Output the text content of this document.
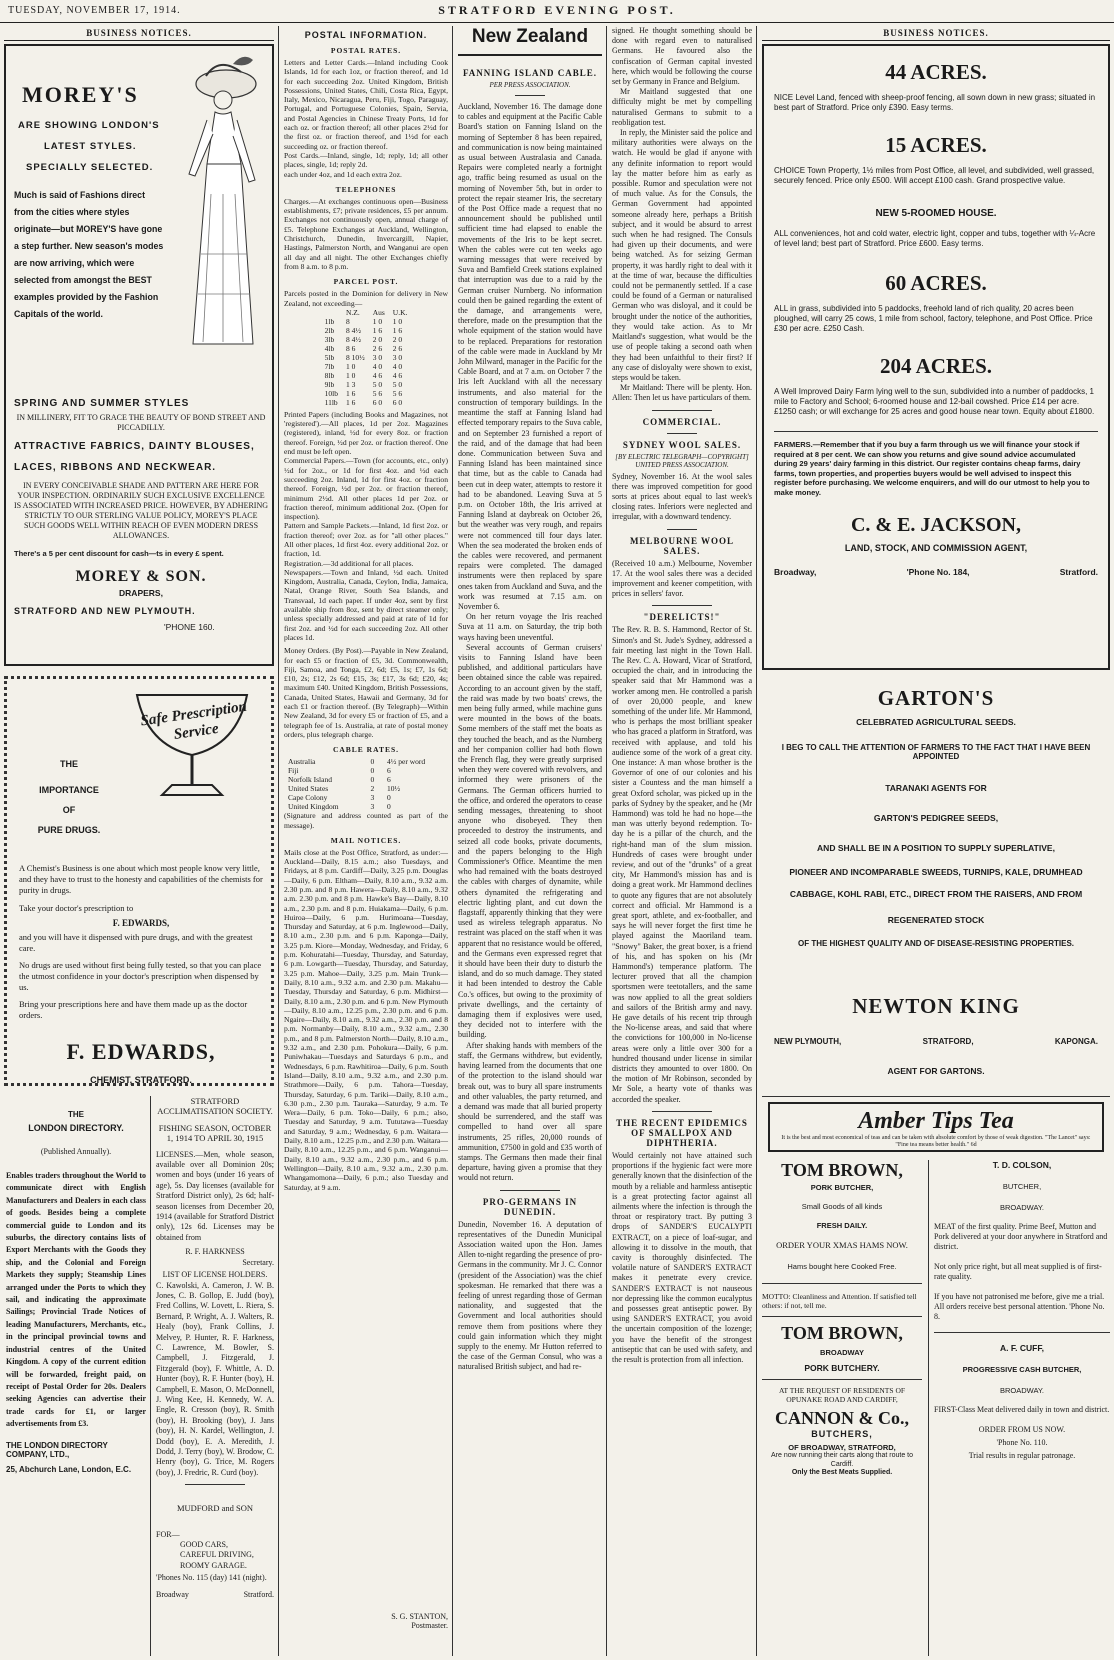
TUESDAY, NOVEMBER 17, 1914.	STRATFORD EVENING POST.
BUSINESS NOTICES.
MOREY'S
ARE SHOWING LONDON'S
LATEST STYLES.
SPECIALLY SELECTED.

Much is said of Fashions direct from the cities where styles originate—but MOREY'S have gone a step further. New season's modes are now arriving, which were selected from amongst the BEST examples provided by the Fashion Capitals of the world.

SPRING AND SUMMER STYLES

IN MILLINERY, FIT TO GRACE THE BEAUTY OF BOND STREET AND PICCADILLY.

ATTRACTIVE FABRICS, DAINTY BLOUSES,
LACES, RIBBONS AND NECKWEAR.

IN EVERY CONCEIVABLE SHADE AND PATTERN ARE HERE FOR YOUR INSPECTION. ORDINARILY SUCH EXCLUSIVE EXCELLENCE IS ASSOCIATED WITH INCREASED PRICE. HOWEVER, BY ADHERING STRICTLY TO OUR STERLING VALUE POLICY, MOREY'S PLACE SUCH GOODS WELL WITHIN REACH OF EVEN MODERN DRESS ALLOWANCES.

There's a 5 per cent discount for cash—ts in every £ spent.

MOREY & SON.
DRAPERS,
STRATFORD AND NEW PLYMOUTH.
'PHONE 160.
Safe Prescription Service
THE
IMPORTANCE
OF
PURE DRUGS.

A Chemist's Business is one about which most people know very little, and they have to trust to the honesty and capabilities of the chemists for purity in drugs.

Take your doctor's prescription to

F. EDWARDS,

and you will have it dispensed with pure drugs, and with the greatest care.

No drugs are used without first being fully tested, so that you can place the utmost confidence in your doctor's prescription when dispensed by us.

Bring your prescriptions here and have them made up as the doctor orders.

F. EDWARDS,
CHEMIST, STRATFORD.
THE
LONDON DIRECTORY.
(Published Annually).

Enables traders throughout the World to communicate direct with English Manufacturers and Dealers in each class of goods. Besides being a complete commercial guide to London and its suburbs, the directory contains lists of Export Merchants with the Goods they ship, and the Colonial and Foreign Markets they supply; Steamship Lines arranged under the Ports to which they sail, and indicating the approximate Sailings; Provincial Trade Notices of leading Manufacturers, Merchants, etc., in the principal provincial towns and industrial centres of the United Kingdom. A copy of the current edition will be forwarded, freight paid, on receipt of Postal Order for 20s. Dealers seeking Agencies can advertise their trade cards for £1, or larger advertisements from £3.

THE LONDON DIRECTORY COMPANY, LTD.,
25, Abchurch Lane, London, E.C.
STRATFORD ACCLIMATISATION SOCIETY.
FISHING SEASON, OCTOBER 1, 1914 TO APRIL 30, 1915

LICENSES.—Men, whole season, available over all Dominion 20s; women and boys (under 16 years of age), 5s. Day licenses (available for Stratford District only), 2s 6d; half-season licenses from December 20, 1914 (available for Stratford District only), 12s 6d. Licenses may be obtained from

R. F. HARKNESS
Secretary.
LIST OF LICENSE HOLDERS.

C. Kawolski, A. Cameron, J. W. B. Jones, C. B. Gollop, E. Judd (boy), Fred Collins, W. Lovett, L. Riera, S. Bernard, P. Wright, A. J. Walters, R. Healy (boy), Frank Collins, J. Melvey, P. Hunter, R. F. Harkness, C. Lawrence, M. Bowler, S. Campbell, J. Fitzgerald, J. Fitzgerald (boy), F. Whittle, A. D. Hunter (boy), R. F. Hunter (boy), H. Campbell, E. Mason, O. McDonnell, J. Wing Kee, H. Kennedy, W. A. Engle, R. Cresson (boy), R. Smith (boy), H. Brooking (boy), J. Jans (boy), H. N. Kardel, Wellington, J. Dodd (boy), E. A. Meredith, J. Dodd, J. Terry (boy), W. Brodow, C. Henry (boy), G. Trice, M. Rogers (boy), J. Fredric, R. Curd (boy).

MUDFORD and SON
FOR—
GOOD CARS,
CAREFUL DRIVING,
ROOMY GARAGE.
'Phones No. 115 (day) 141 (night).
Broadway	Stratford.
POSTAL INFORMATION.
POSTAL RATES.

Letters and Letter Cards.—Inland including Cook Islands, 1d for each 1oz, or fraction thereof, and 1d for each succeeding 2oz. United Kingdom, British Possessions, United States, Chili, Costa Rica, Egypt, Italy, Mexico, Nicaragua, Peru, Fiji, Togo, Paraguay, Portugal, and Portuguese Colonies, Spain, Servia, and Postal Agencies in Chinese Treaty Ports, 1d for each oz. or fraction thereof; all other places 2½d for the first oz. or fraction thereof, and 1½d for each succeeding oz. or fraction thereof.

Post Cards.—Inland, single, 1d; reply, 1d; all other places, single, 1d; reply 2d.

each under 4oz, and 1d each extra 2oz.

TELEPHONES

Charges.—At exchanges continuous open—Business establishments, £7; private residences, £5 per annum. Exchanges not continuously open, annual charge of £5. Telephone Exchanges at Auckland, Wellington, Christchurch, Dunedin, Invercargill, Napier, Hastings, Palmerston North, and Wanganui are open all day and all night. The other Exchanges chiefly from 8 a.m. to 8 p.m.

PARCEL POST.

Parcels posted in the Dominion for delivery in New Zealand, not exceeding—

	N.Z.	Aus	U.K.
1lb	8	1 0	1 0
2lb	8 4½	1 6	1 6
3lb	8 4½	2 0	2 0
4lb	8 6	2 6	2 6
5lb	8 10½	3 0	3 0
7lb	1 0	4 0	4 0
8lb	1 0	4 6	4 6
9lb	1 3	5 0	5 0
10lb	1 6	5 6	5 6
11lb	1 6	6 0	6 0

Printed Papers (including Books and Magazines, not 'registered').—All places, 1d per 2oz. Magazines (registered), inland, ½d for every 8oz. or fraction thereof. Foreign, ½d per 2oz. or fraction thereof. One end must be left open.

Commercial Papers.—Town (for accounts, etc., only) ½d for 2oz., or 1d for first 4oz. and ½d each succeeding 2oz. Inland, 1d for first 4oz. or fraction thereof. Foreign, ½d per 2oz. or fraction thereof, minimum 2½d. All other places 1d per 2oz. or fraction thereof, minimum additional 2oz. (Open for inspection).

Pattern and Sample Packets.—Inland, 1d first 2oz. or fraction thereof; over 2oz. as for "all other places." All other places, 1d first 4oz. every additional 2oz. or fraction, 1d.

Registration.—3d additional for all places.

Newspapers.—Town and Inland, ½d each. United Kingdom, Australia, Canada, Ceylon, India, Jamaica, Natal, Orange River, South Sea Islands, and Transvaal, 1d each paper. If under 4oz, sent by first available ship from 8oz, sent by direct steamer only; unless specially addressed and paid at rate of 1d for first 2oz. and ½d for each succeeding 2oz. All other places 1d.

Money Orders. (By Post).—Payable in New Zealand, for each £5 or fraction of £5, 3d. Commonwealth, Fiji, Samoa, and Tonga, £2, 6d; £5, 1s; £7, 1s 6d; £10, 2s; £12, 2s 6d; £15, 3s; £17, 3s 6d; £20, 4s; maximum £40. United Kingdom, British Possessions, Canada, United States, Hawaii and Germany, 3d for each £1 or fraction thereof. (By Telegraph)—Within New Zealand, 3d for every £5 or fraction of £5, and a telegraph fee of 1s. Australia, at rate of postal money orders, plus telegraph charge.

CABLE RATES.
Australia	0	4½ per word
Fiji	0	6
Norfolk Island	0	6
United States	2	10½
Cape Colony	3	0
United Kingdom	3	0

(Signature and address counted as part of the message).

MAIL NOTICES.

Mails close at the Post Office, Stratford, as under:— Auckland—Daily, 8.15 a.m.; also Tuesdays, and Fridays, at 8 p.m. Cardiff—Daily, 3.25 p.m. Douglas—Daily, 6 p.m. Eltham—Daily, 8.10 a.m., 9.32 a.m. 2.30 p.m. and 8 p.m. Hawera—Daily, 8.10 a.m., 9.32 a.m. 2.30 p.m. and 8 p.m. Hawke's Bay—Daily, 8.10 a.m., 2.30 p.m. and 8 p.m. Huiakama—Daily, 6 p.m. Huiroa—Daily, 6 p.m. Hurimoana—Tuesday, Thursday and Saturday, at 6 p.m. Inglewood—Daily, 8.10 a.m., 2.30 p.m. and 6 p.m. Kaponga—Daily, 3.25 p.m. Kiore—Monday, Wednesday, and Friday, 6 p.m. Kohuratahi—Tuesday, Thursday, and Saturday, 6 p.m. Lowgarth—Tuesday, Thursday, and Saturday, 3.25 p.m. Mahoe—Daily, 3.25 p.m. Main Trunk—Daily, 8.10 a.m., 9.32 a.m. and 2.30 p.m. Makahu—Tuesday, Thursday and Saturday, 6 p.m. Midhirst—Daily, 8.10 a.m., 2.30 p.m. and 6 p.m. New Plymouth—Daily, 8.10 a.m., 12.25 p.m., 2.30 p.m. and 6 p.m. Ngaire—Daily, 8.10 a.m., 9.32 a.m., 2.30 p.m. and 8 p.m. Normanby—Daily, 8.10 a.m., 9.32 a.m., 2.30 p.m., and 8 p.m. Palmerston North—Daily, 8.10 a.m., 9.32 a.m., and 2.30 p.m. Pohokura—Daily, 6 p.m. Puniwhakau—Tuesdays and Saturdays 6 p.m., and Wednesdays, 6 p.m. Rawhitiroa—Daily, 6 p.m. South Island—Daily, 8.10 a.m., 9.32 a.m., and 2.30 p.m. Strathmore—Daily, 6 p.m. Tahora—Tuesday, Thursday, Saturday, 6 p.m. Tariki—Daily, 8.10 a.m., 6.30 p.m., 2.30 p.m. Tauraka—Saturday, 9 a.m. Te Wera—Daily, 6 p.m. Toko—Daily, 6 p.m.; also, Tuesday and Saturday, 9 a.m. Tututawa—Tuesday and Saturday, 9 a.m.; Wednesday, 6 p.m. Waitara—Daily, 8.10 a.m., 12.25 p.m., and 2.30 p.m. Waitara—Daily, 8.10 a.m., 12.25 p.m., and 6 p.m. Wanganui—Daily, 8.10 a.m., 9.32 a.m., 2.30 p.m., and 6 p.m. Wellington—Daily, 8.10 a.m., 9.32 a.m., 2.30 p.m. Whangamomona—Daily, 6 p.m.; also Tuesday and Saturday, at 9 a.m.

S. G. STANTON,
Postmaster.
New Zealand
FANNING ISLAND CABLE.
PER PRESS ASSOCIATION.

Auckland, November 16. The damage done to cables and equipment at the Pacific Cable Board's station on Fanning Island on the morning of September 8 has been repaired, and communication is now being maintained as usual between Australasia and Canada. Repairs were completed nearly a fortnight ago, traffic being resumed as usual on the morning of November 5th, but in order to protect the repair steamer Iris, the secretary of the Post Office made a request that no announcement should be published until sufficient time had elapsed to enable the movements of the Iris to be kept secret. When the cables were cut ten weeks ago warning messages that were received by Suva and Bamfield Creek stations explained that interruption was due to a raid by the German cruiser Nurnberg. No information could then be gained regarding the extent of the damage, and arrangements were, therefore, made on the presumption that the whole equipment of the station would have to be replaced. Preparations for restoration of the cable were made in Auckland by Mr John Milward, manager in the Pacific for the Cable Board, and at 7 a.m. on October 7 the Iris left Auckland with all the necessary instruments, and also material for the construction of temporary buildings. In the meantime the staff at Fanning Island had effected temporary repairs to the Suva cable, and on September 23 furnished a report of the raid, and of the damage that had been done. Communication between Suva and Fanning Island has been maintained since that time, but as the cable to Canada had been cut in deep water, attempts to restore it had to be abandoned. Leaving Suva at 5 p.m. on October 18th, the Iris arrived at Fanning Island at daybreak on October 26, but the weather was very rough, and repairs were not commenced till four days later. When the sea moderated the broken ends of the cables were recovered, and permanent repairs were completed. The damaged instruments were then replaced by spare ones taken from Auckland and Suva, and the work was resumed at 7.15 a.m. on November 6.

On her return voyage the Iris reached Suva at 11 a.m. on Saturday, the trip both ways having been uneventful.

Several accounts of German cruisers' visits to Fanning Island have been published, and additional particulars have been obtained since the cable was repaired. According to an account given by the staff, the raid was made by two boats' crews, the men being fully armed, while machine guns were mounted in the bows of the boats. Some members of the staff met the boats as they touched the beach, and as the Nurnberg and her companion collier had both flown the French flag, they were greatly surprised when they were covered with revolvers, and informed they were prisoners of the Germans. The German officers hurried to the office, and ordered the operators to cease sending messages, threatening to shoot anyone who disobeyed. They then proceeded to destroy the instruments, and seized all code books, private documents, and the papers belonging to the High Commissioner's Office. Meantime the men who had remained with the boats destroyed the cables with charges of dynamite, while others dynamited the refrigerating and electric lighting plant, and cut down the flagstaff, apparently thinking that they were used as wireless telegraph apparatus. No restraint was placed on the staff when it was apparent that no resistance would be offered, and the Germans even expressed regret that it should have been their duty to disturb the island, and do so much damage. They stated it had been intended to destroy the Cable Co.'s offices, but owing to the proximity of private dwellings, and the certainty of damaging them if explosives were used, they decided not to interfere with the building.

After shaking hands with members of the staff, the Germans withdrew, but evidently, having learned from the documents that one of the protection to the island should war break out, was to bury all spare instruments and other valuables, the party returned, and a demand was made that all buried property should be surrendered, and the staff was compelled to hand over all spare instruments, 25 rifles, 20,000 rounds of ammunition, £7500 in gold and £35 worth of stamps. The Germans then made their final departure, having given a promise that they would not return.

PRO-GERMANS IN DUNEDIN.

Dunedin, November 16. A deputation of representatives of the Dunedin Municipal Association waited upon the Hon. James Allen to-night regarding the presence of pro-Germans in the community. Mr J. C. Connor (president of the Association) was the chief spokesman. He remarked that there was a feeling of unrest regarding those of German nationality, and suggested that the Government and local authorities should remove them from positions where they could gain information which they might supply to the enemy. Mr Hutton referred to the case of the German Consul, who was a naturalised British subject, and had re-

signed. He thought something should be done with regard even to naturalised Germans. He favoured also the confiscation of German capital invested here, which would be following the course set by Germany in France and Belgium.

Mr Maitland suggested that one difficulty might be met by compelling naturalised Germans to submit to a reobligation test.

In reply, the Minister said the police and military authorities were always on the watch. He would be glad if anyone with any definite information to report would lay the matter before him as early as possible. Rumor and speculation were not of much value. As for the Consuls, the German Government had appointed someone already here, perhaps a British subject, and it would be absurd to arrest such when he had resigned. The Consuls had given up their documents, and were being watched. As for seizing German property, it was hardly right to deal with it at the time of war, because the difficulties could not be permanently settled. If a case could be found of a German or naturalised German who was disloyal, and it could be brought under the notice of the authorities, they would take action. As to Mr Maitland's suggestion, what would be the use of people taking a second oath when they had been unfaithful to their first? If any case of disloyalty were shown to exist, steps would be taken.

Mr Maitland: There will be plenty. Hon. Allen: Then let us have particulars of them.

COMMERCIAL.
SYDNEY WOOL SALES.
[BY ELECTRIC TELEGRAPH—COPYRIGHT] UNITED PRESS ASSOCIATION.

Sydney, November 16. At the wool sales there was improved competition for good sorts at prices about equal to last week's closing rates. Inferiors were neglected and irregular, with a downward tendency.

MELBOURNE WOOL SALES.

(Received 10 a.m.) Melbourne, November 17. At the wool sales there was a decided improvement and keener competition, with prices in sellers' favor.

"DERELICTS!"

The Rev. R. B. S. Hammond, Rector of St. Simon's and St. Jude's Sydney, addressed a fair meeting last night in the Town Hall. The Rev. C. A. Howard, Vicar of Stratford, occupied the chair, and in introducing the speaker said that Mr Hammond was a worker among men. He controlled a parish of over 20,000 people, and knew something of the under life. Mr Hammond, who is perhaps the most brilliant speaker who has graced a platform in Stratford, was received with applause, and told his audience some of the work of a great city. One instance: A man whose brother is the Governor of one of our colonies and his sister a Countess and the man himself a great Oxford scholar, was picked up in the parks of Sydney by the speaker, and he (Mr Hammond) was told he had no hope—the man was utterly beyond redemption. To-day he is a pillar of the church, and the right-hand man of the slum mission. Hundreds of cases were brought under review, and out of the "drunks" of a great city, Mr Hammond's mission has and is doing a great work. Mr Hammond declines to quote any figures that are not absolutely correct and official. Mr Hammond is a great sport, athlete, and ex-footballer, and says he will never forget the first time he played against the Maoriland team. "Snowy" Baker, the great boxer, is a friend of his, and has spoken on his (Mr Hammond's) temperance platform. The lecturer proved that all the champion sportsmen were teetotallers, and the same was now applied to all the great soldiers and sailors of the British army and navy. He gave details of his recent trip through the No-license areas, and said that where the convictions for 100,000 in No-license areas were only a little over 300 for a hundred thousand under license in similar districts they amounted to over 1800. On the motion of Mr Robinson, seconded by Mr Sole, a hearty vote of thanks was accorded the speaker.

THE RECENT EPIDEMICS OF SMALLPOX AND DIPHTHERIA.

Would certainly not have attained such proportions if the hygienic fact were more generally known that the disinfection of the mouth by a reliable and harmless antiseptic is a great protecting factor against all ailments where the infection is through the throat or respiratory tract. By putting 3 drops of SANDER'S EUCALYPTI EXTRACT, on a piece of loaf-sugar, and allowing it to dissolve in the mouth, that cavity is thoroughly disinfected. The volatile nature of SANDER'S EXTRACT makes it penetrate every crevice. SANDER'S EXTRACT is not nauseous nor depressing like the common eucalyptus and possesses great antiseptic power. By using SANDER'S EXTRACT, you avoid the uncertain composition of the lozenge; you have the benefit of the strongest antiseptic that can be used with safety, and the result is protection from all infection.

BUSINESS NOTICES.
44 ACRES.

NICE Level Land, fenced with sheep-proof fencing, all sown down in new grass; situated in best part of Stratford. Price only £390. Easy terms.

15 ACRES.

CHOICE Town Property, 1½ miles from Post Office, all level, and subdivided, well grassed, securely fenced. Price only £500. Will accept £100 cash. Grand prospective value.

NEW 5-ROOMED HOUSE.

ALL conveniences, hot and cold water, electric light, copper and tubs, together with ¼-Acre of level land; best part of Stratford. Price £600. Easy terms.

60 ACRES.

ALL in grass, subdivided into 5 paddocks, freehold land of rich quality, 20 acres been ploughed, will carry 25 cows, 1 mile from school, factory, telephone, and Post Office. Price £30 per acre. £250 Cash.

204 ACRES.

A Well Improved Dairy Farm lying well to the sun, subdivided into a number of paddocks, 1 mile to Factory and School; 6-roomed house and 12-bail cowshed. Price £14 per acre. £1250 cash; or will exchange for 25 acres and good house near town. Equity about £1800.

FARMERS.—Remember that if you buy a farm through us we will finance your stock if required at 8 per cent. We can show you returns and give sound advice accumulated during 29 years' dairy farming in this district. Our register contains cheap farms, dairy farms, town properties, and properties buyers would be well advised to inspect this register before purchasing. We welcome enquirers, and will do our utmost to help you to make money.

C. & E. JACKSON,
LAND, STOCK, AND COMMISSION AGENT,
Broadway,	'Phone No. 184,	Stratford.
GARTON'S
CELEBRATED AGRICULTURAL SEEDS.

I BEG TO CALL THE ATTENTION OF FARMERS TO THE FACT THAT I HAVE BEEN APPOINTED

TARANAKI AGENTS FOR
GARTON'S PEDIGREE SEEDS,
AND SHALL BE IN A POSITION TO SUPPLY SUPERLATIVE,

PIONEER AND INCOMPARABLE SWEEDS, TURNIPS, KALE, DRUMHEAD CABBAGE, KOHL RABI, ETC., DIRECT FROM THE RAISERS, AND FROM

REGENERATED STOCK

OF THE HIGHEST QUALITY AND OF DISEASE-RESISTING PROPERTIES.

NEWTON KING
NEW PLYMOUTH,	STRATFORD,	KAPONGA.
AGENT FOR GARTONS.
Amber Tips Tea

It is the best and most economical of teas and can be taken with absolute comfort by those of weak digestion. "The Lancet" says: "Fine tea means better health." 6d

TOM BROWN,
PORK BUTCHER,
Small Goods of all kinds
FRESH DAILY.
ORDER YOUR XMAS HAMS NOW.
Hams bought here Cooked Free.

MOTTO: Cleanliness and Attention. If satisfied tell others: if not, tell me.

TOM BROWN,
BROADWAY
PORK BUTCHERY.

AT THE REQUEST OF RESIDENTS OF OPUNAKE ROAD AND CARDIFF,

CANNON & Co.,
BUTCHERS,
OF BROADWAY, STRATFORD,

Are now running their carts along that route to Cardiff.

Only the Best Meats Supplied.
T. D. COLSON,
BUTCHER,
BROADWAY.

MEAT of the first quality. Prime Beef, Mutton and Pork delivered at your door anywhere in Stratford and district.

Not only price right, but all meat supplied is of first-rate quality.

If you have not patronised me before, give me a trial. All orders receive best personal attention. 'Phone No. 8.

A. F. CUFF,
PROGRESSIVE CASH BUTCHER,
BROADWAY.

FIRST-Class Meat delivered daily in town and district.

ORDER FROM US NOW.
'Phone No. 110.
Trial results in regular patronage.
